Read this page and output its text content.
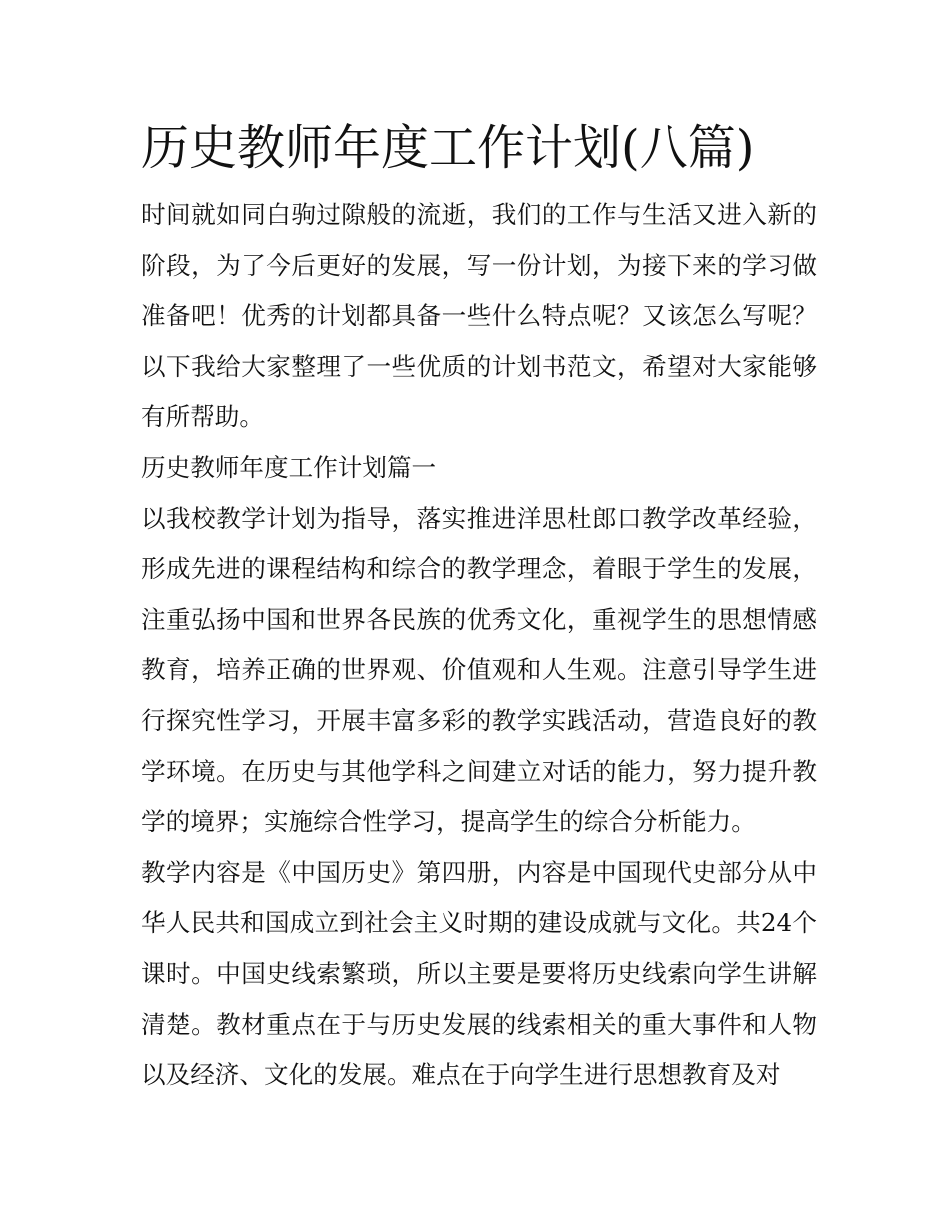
历史教师年度工作计划(八篇)

时间就如同白驹过隙般的流逝，我们的工作与生活又进入新的阶段，为了今后更好的发展，写一份计划，为接下来的学习做准备吧！优秀的计划都具备一些什么特点呢？又该怎么写呢？以下我给大家整理了一些优质的计划书范文，希望对大家能够有所帮助。

历史教师年度工作计划篇一

以我校教学计划为指导，落实推进洋思杜郎口教学改革经验，形成先进的课程结构和综合的教学理念，着眼于学生的发展，注重弘扬中国和世界各民族的优秀文化，重视学生的思想情感教育，培养正确的世界观、价值观和人生观。注意引导学生进行探究性学习，开展丰富多彩的教学实践活动，营造良好的教学环境。在历史与其他学科之间建立对话的能力，努力提升教学的境界；实施综合性学习，提高学生的综合分析能力。

教学内容是《中国历史》第四册，内容是中国现代史部分从中华人民共和国成立到社会主义时期的建设成就与文化。共24个课时。中国史线索繁琐，所以主要是要将历史线索向学生讲解清楚。教材重点在于与历史发展的线索相关的重大事件和人物以及经济、文化的发展。难点在于向学生进行思想教育及对
